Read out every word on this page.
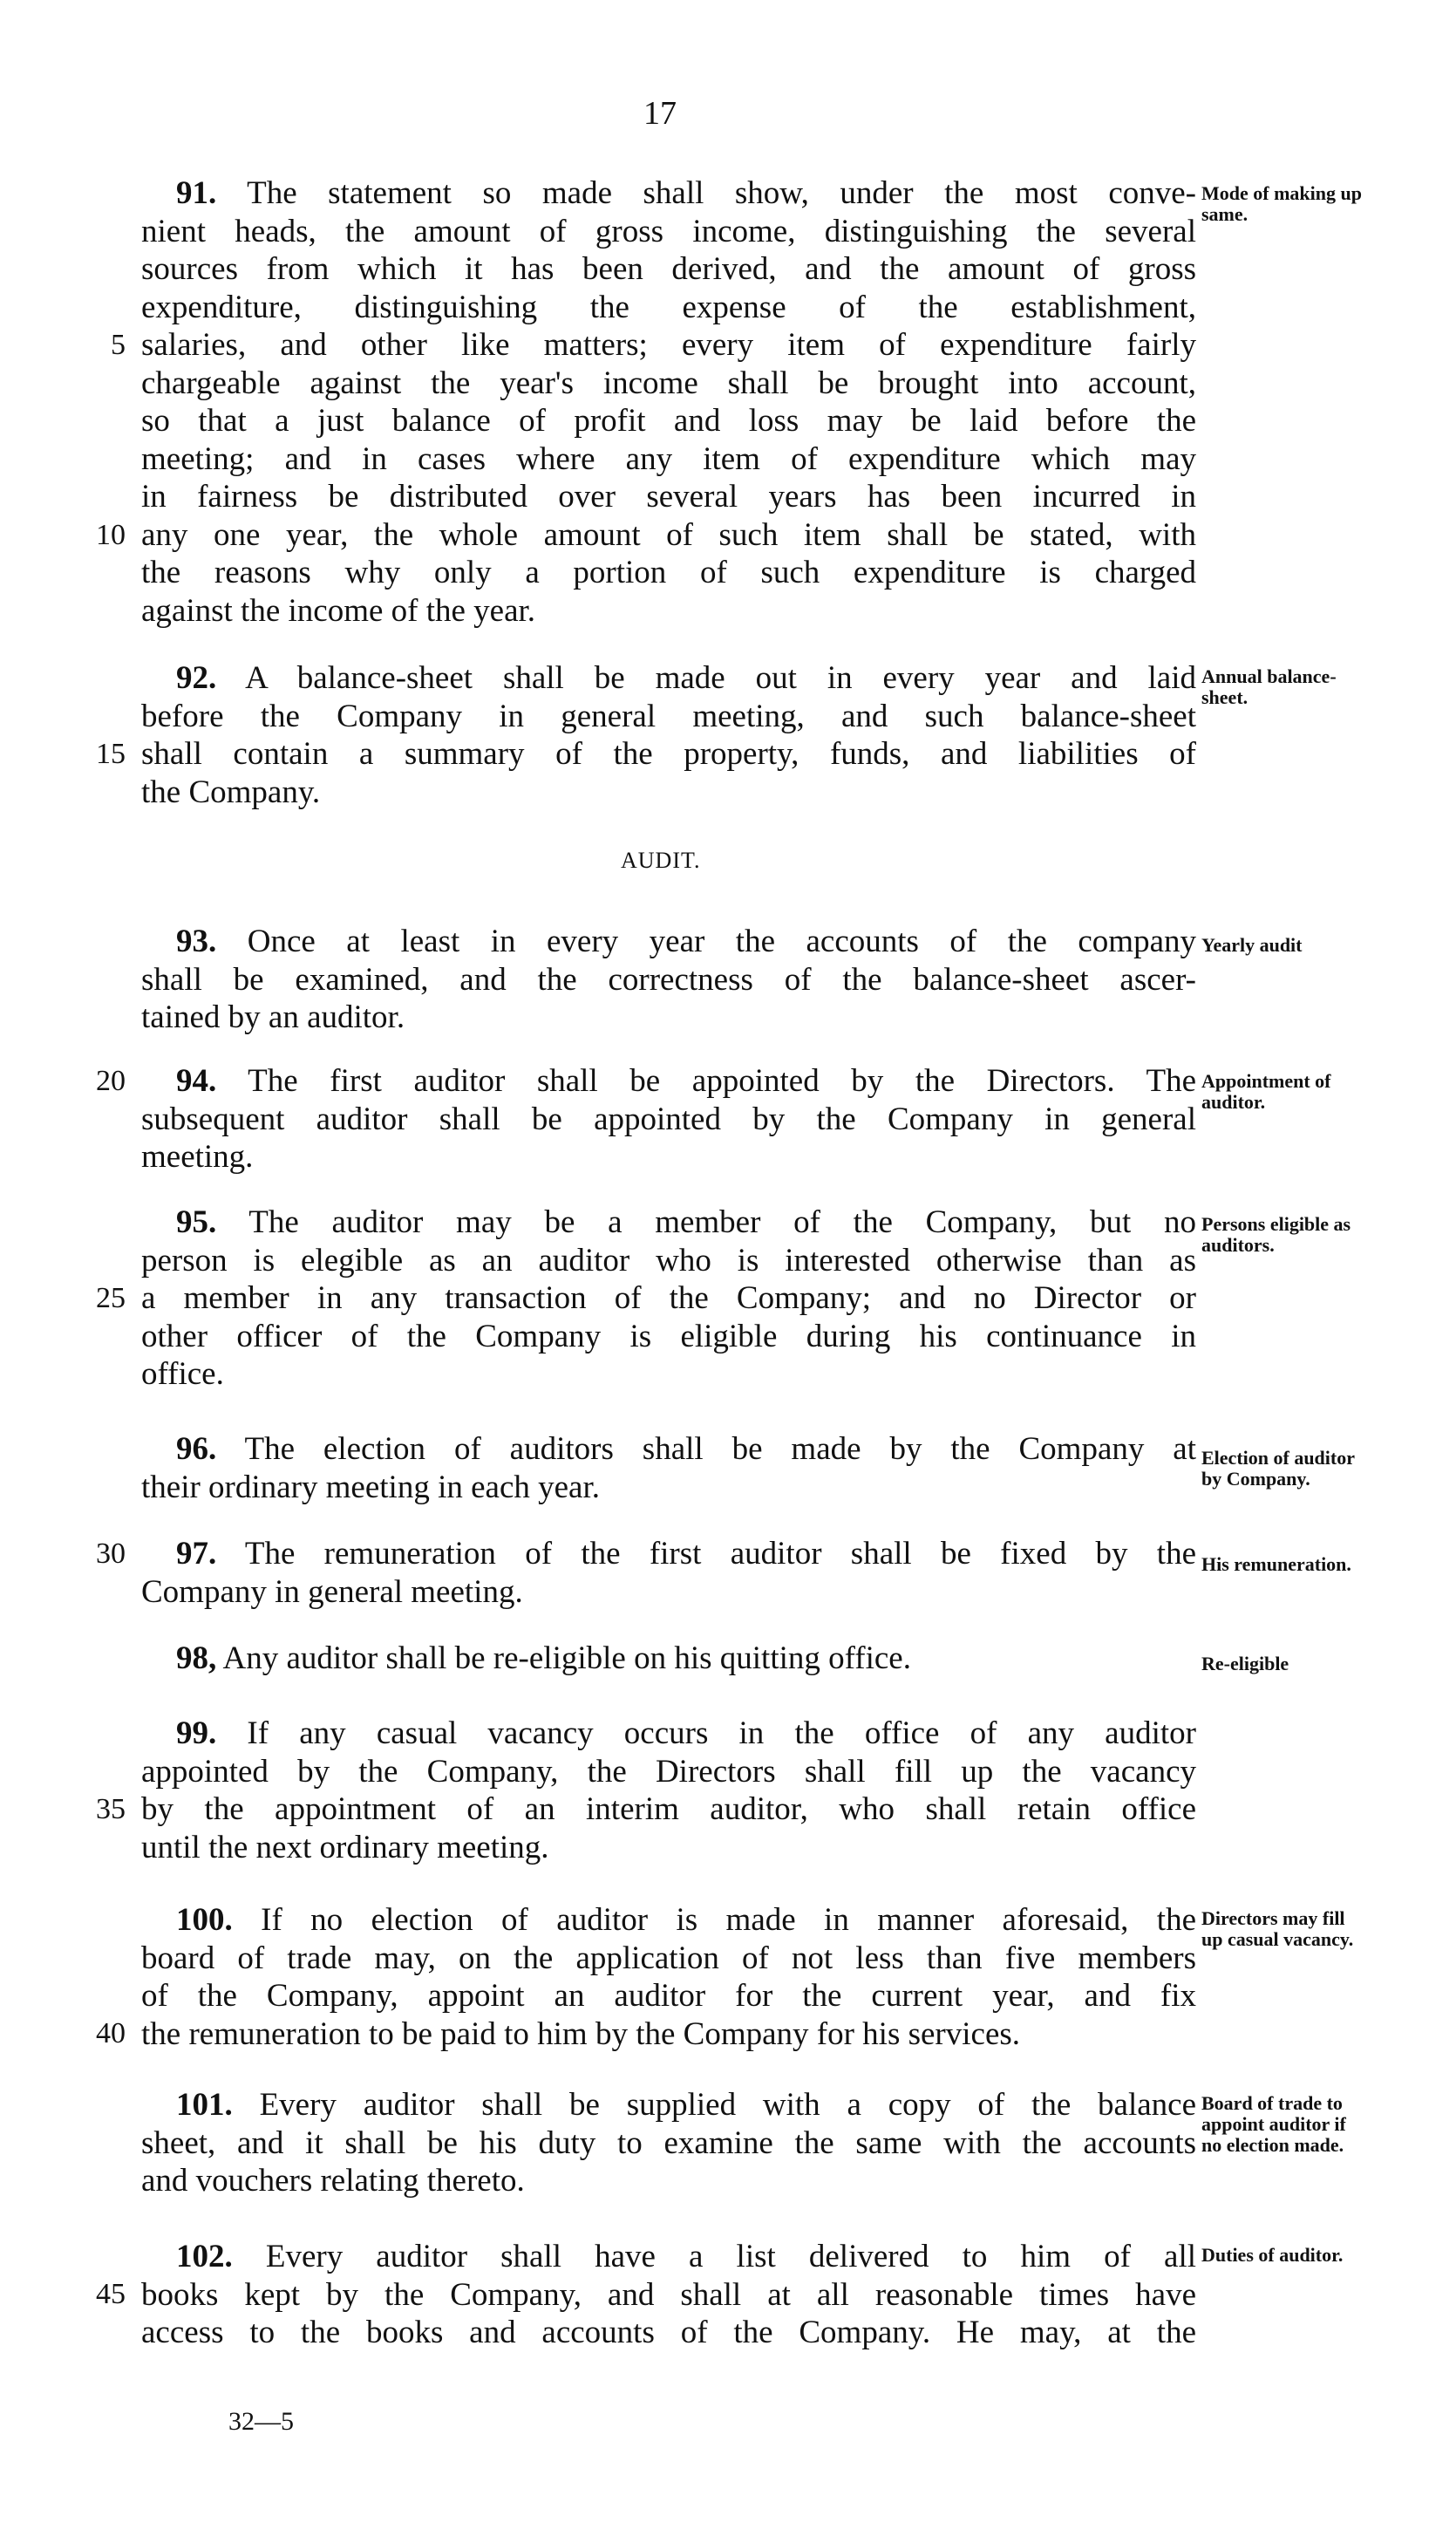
17
91. The statement so made shall show, under the most conve-
nient heads, the amount of gross income, distinguishing the several
sources from which it has been derived, and the amount of gross
expenditure, distinguishing the expense of the establishment,
salaries, and other like matters; every item of expenditure fairly
chargeable against the year's income shall be brought into account,
so that a just balance of profit and loss may be laid before the
meeting; and in cases where any item of expenditure which may
in fairness be distributed over several years has been incurred in
any one year, the whole amount of such item shall be stated, with
the reasons why only a portion of such expenditure is charged
against the income of the year.
5
10
Mode of making up same.
92. A balance-sheet shall be made out in every year and laid
before the Company in general meeting, and such balance-sheet
shall contain a summary of the property, funds, and liabilities of
the Company.
15
Annual balance-sheet.
AUDIT.
93. Once at least in every year the accounts of the company
shall be examined, and the correctness of the balance-sheet ascer-
tained by an auditor.
Yearly audit
94. The first auditor shall be appointed by the Directors. The
subsequent auditor shall be appointed by the Company in general
meeting.
20	Appointment of auditor.
95. The auditor may be a member of the Company, but no
person is elegible as an auditor who is interested otherwise than as
a member in any transaction of the Company; and no Director or
other officer of the Company is eligible during his continuance in
office.
25
Persons eligible as auditors.
96. The election of auditors shall be made by the Company at
their ordinary meeting in each year.
Election of auditor by Company.
97. The remuneration of the first auditor shall be fixed by the
Company in general meeting.
30	His remuneration.
98, Any auditor shall be re-eligible on his quitting office.	Re-eligible
99. If any casual vacancy occurs in the office of any auditor
appointed by the Company, the Directors shall fill up the vacancy
by the appointment of an interim auditor, who shall retain office
until the next ordinary meeting.
35
100. If no election of auditor is made in manner aforesaid, the
board of trade may, on the application of not less than five members
of the Company, appoint an auditor for the current year, and fix
the remuneration to be paid to him by the Company for his services.
40
Directors may fill up casual vacancy.
101. Every auditor shall be supplied with a copy of the balance
sheet, and it shall be his duty to examine the same with the accounts
and vouchers relating thereto.
Board of trade to appoint auditor if no election made.
102. Every auditor shall have a list delivered to him of all
books kept by the Company, and shall at all reasonable times have
access to the books and accounts of the Company. He may, at the
45
Duties of auditor.
32—5
